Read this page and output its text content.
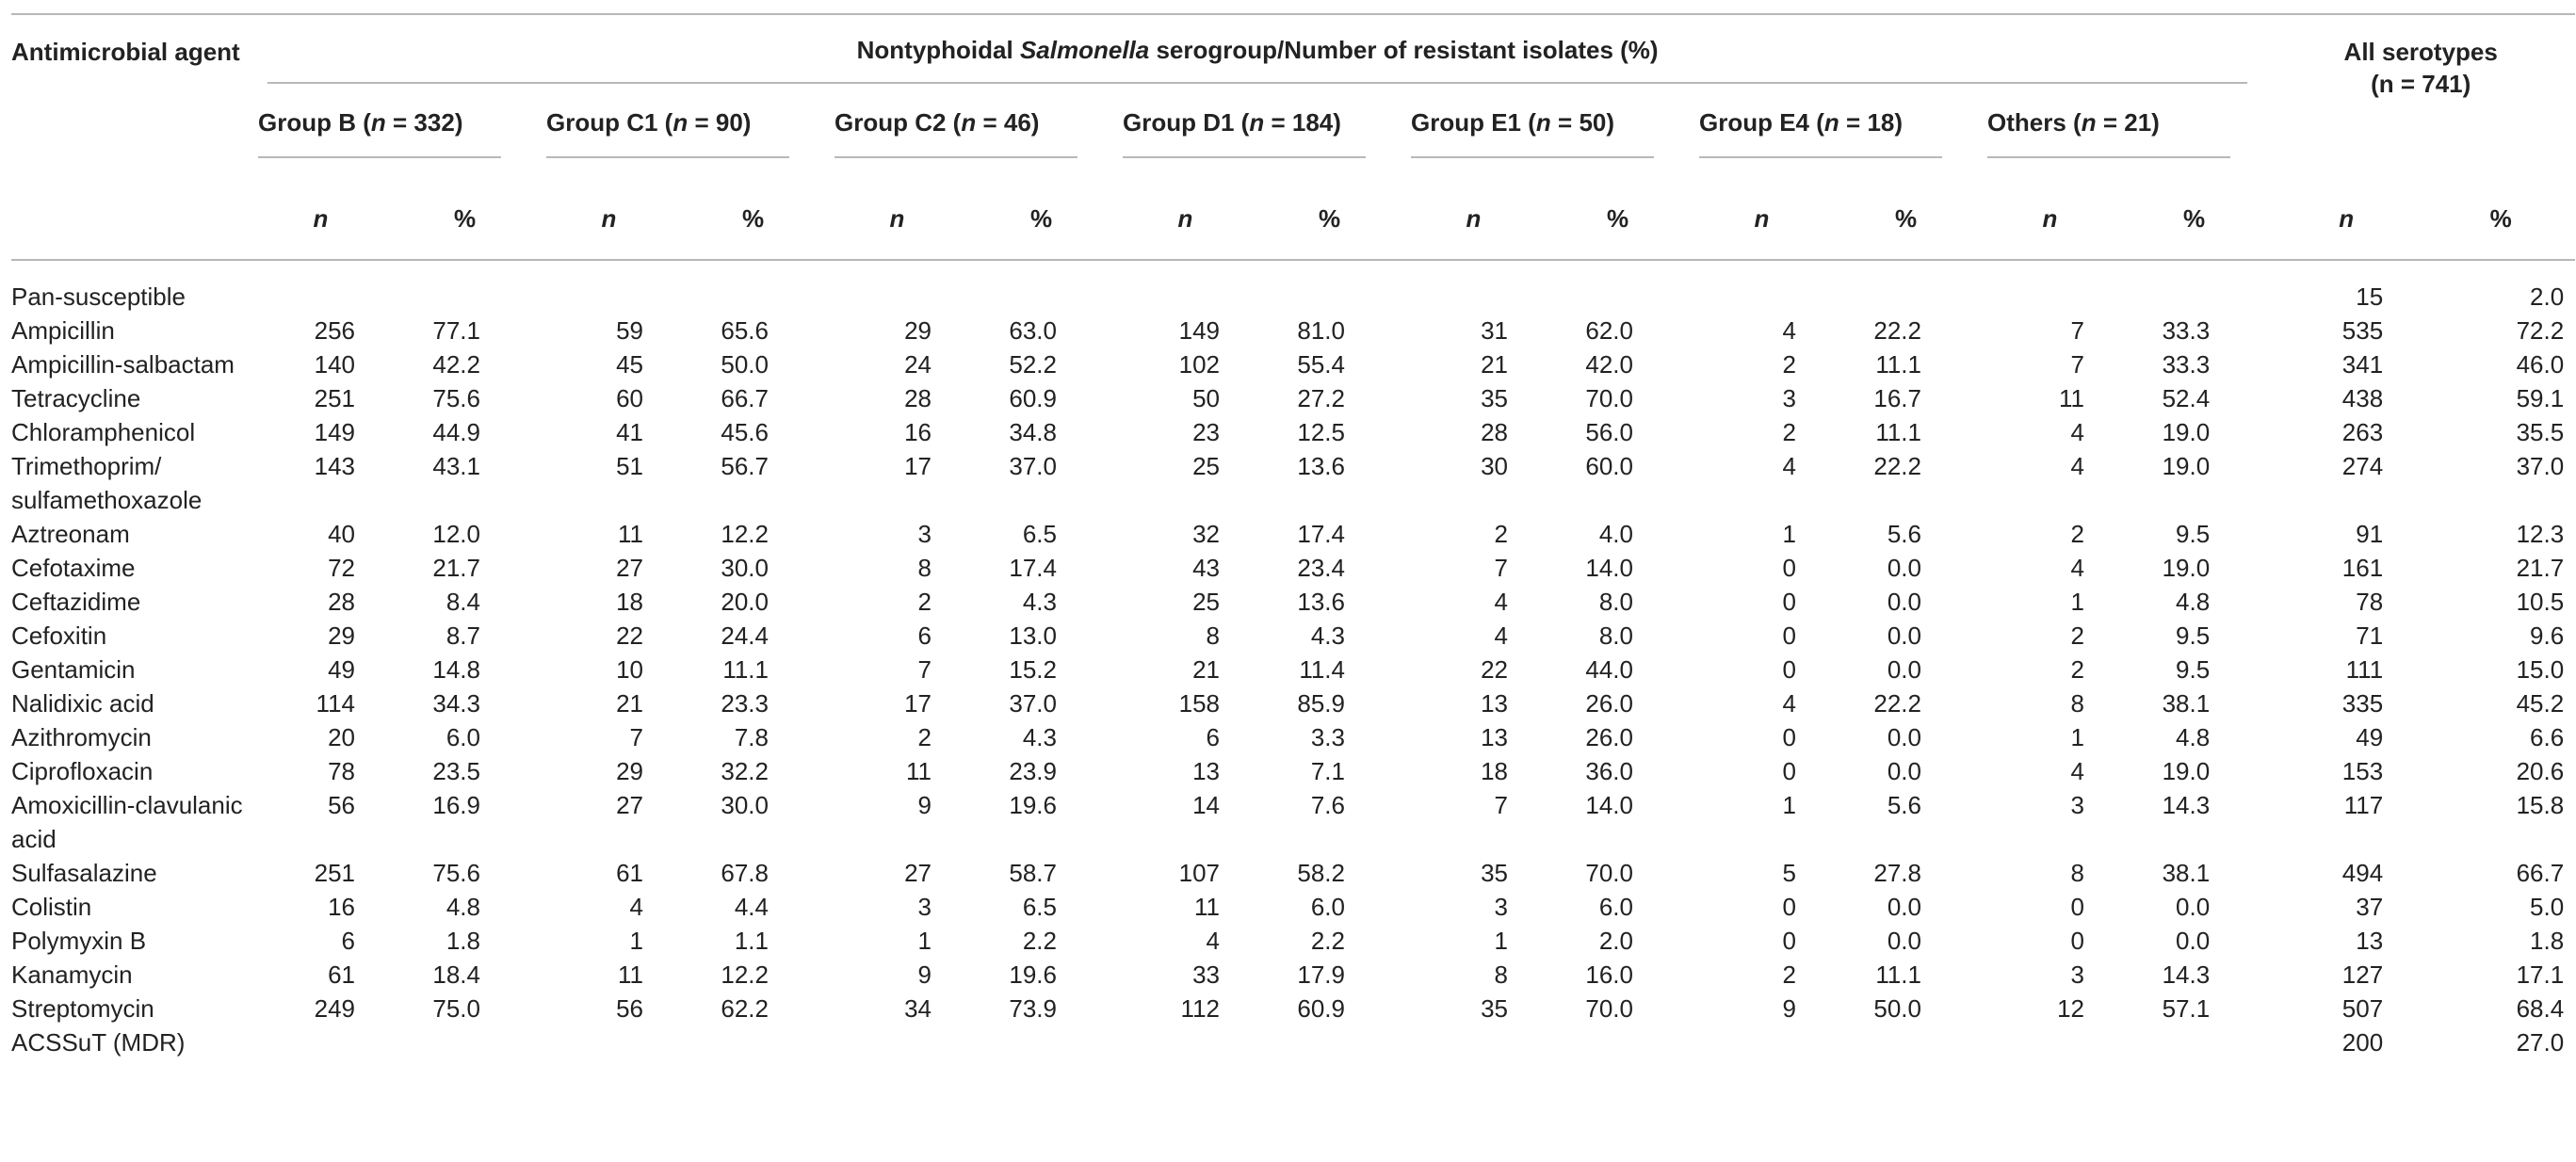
Antimicrobial agent	Nontyphoidal Salmonella serogroup/Number of resistant isolates (%)														All serotypes
(n = 741)	

	Group B (n = 332)		Group C1 (n = 90)		Group C2 (n = 46)		Group D1 (n = 184)		Group E1 (n = 50)		Group E4 (n = 18)		Others (n = 21)			

	n	%	n	%	n	%	n	%	n	%	n	%	n	%	n	%
Pan-susceptible															15	2.0
Ampicillin	256	77.1	59	65.6	29	63.0	149	81.0	31	62.0	4	22.2	7	33.3	535	72.2
Ampicillin-salbactam	140	42.2	45	50.0	24	52.2	102	55.4	21	42.0	2	11.1	7	33.3	341	46.0
Tetracycline	251	75.6	60	66.7	28	60.9	50	27.2	35	70.0	3	16.7	11	52.4	438	59.1
Chloramphenicol	149	44.9	41	45.6	16	34.8	23	12.5	28	56.0	2	11.1	4	19.0	263	35.5
Trimethoprim/ sulfamethoxazole	143	43.1	51	56.7	17	37.0	25	13.6	30	60.0	4	22.2	4	19.0	274	37.0
Aztreonam	40	12.0	11	12.2	3	6.5	32	17.4	2	4.0	1	5.6	2	9.5	91	12.3
Cefotaxime	72	21.7	27	30.0	8	17.4	43	23.4	7	14.0	0	0.0	4	19.0	161	21.7
Ceftazidime	28	8.4	18	20.0	2	4.3	25	13.6	4	8.0	0	0.0	1	4.8	78	10.5
Cefoxitin	29	8.7	22	24.4	6	13.0	8	4.3	4	8.0	0	0.0	2	9.5	71	9.6
Gentamicin	49	14.8	10	11.1	7	15.2	21	11.4	22	44.0	0	0.0	2	9.5	111	15.0
Nalidixic acid	114	34.3	21	23.3	17	37.0	158	85.9	13	26.0	4	22.2	8	38.1	335	45.2
Azithromycin	20	6.0	7	7.8	2	4.3	6	3.3	13	26.0	0	0.0	1	4.8	49	6.6
Ciprofloxacin	78	23.5	29	32.2	11	23.9	13	7.1	18	36.0	0	0.0	4	19.0	153	20.6
Amoxicillin-clavulanic acid	56	16.9	27	30.0	9	19.6	14	7.6	7	14.0	1	5.6	3	14.3	117	15.8
Sulfasalazine	251	75.6	61	67.8	27	58.7	107	58.2	35	70.0	5	27.8	8	38.1	494	66.7
Colistin	16	4.8	4	4.4	3	6.5	11	6.0	3	6.0	0	0.0	0	0.0	37	5.0
Polymyxin B	6	1.8	1	1.1	1	2.2	4	2.2	1	2.0	0	0.0	0	0.0	13	1.8
Kanamycin	61	18.4	11	12.2	9	19.6	33	17.9	8	16.0	2	11.1	3	14.3	127	17.1
Streptomycin	249	75.0	56	62.2	34	73.9	112	60.9	35	70.0	9	50.0	12	57.1	507	68.4
ACSSuT (MDR)															200	27.0
